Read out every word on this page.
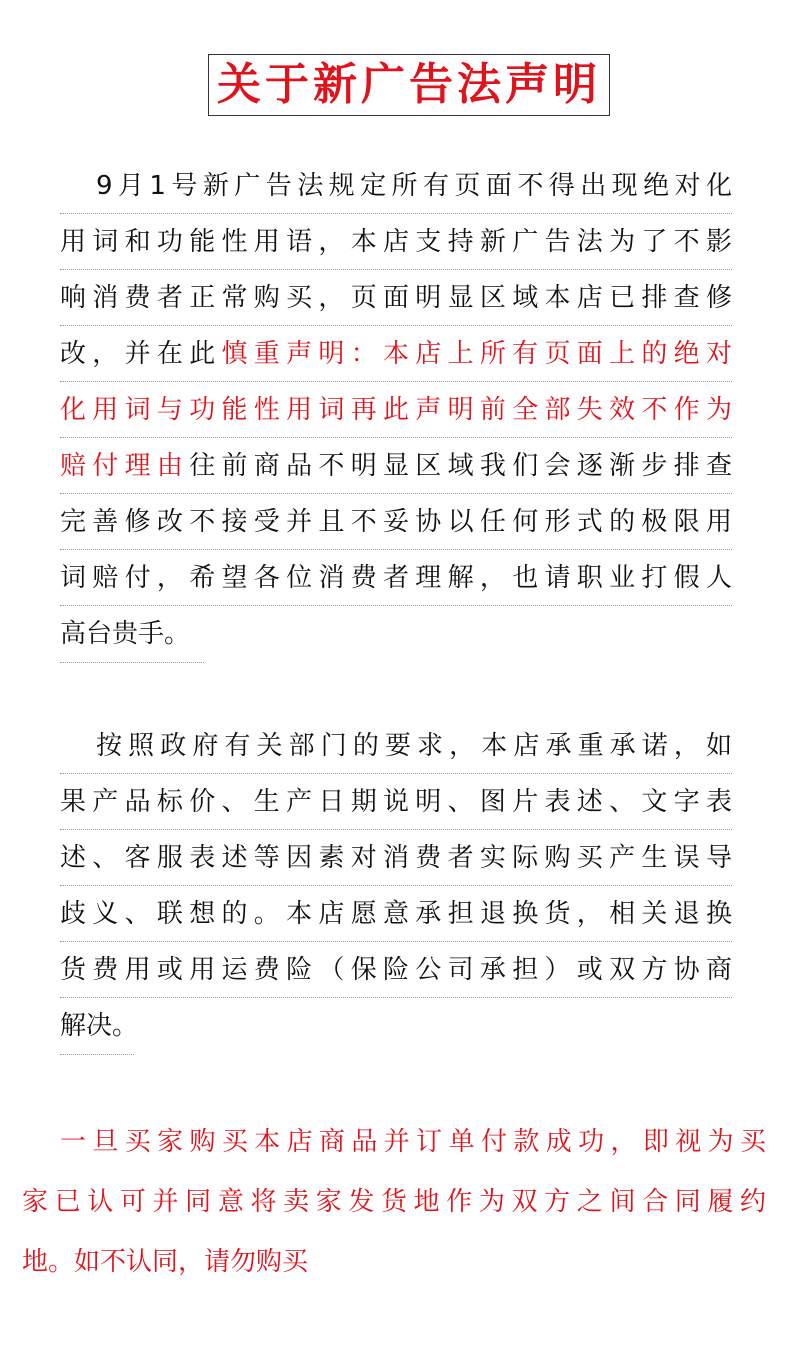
关于新广告法声明
9月1号新广告法规定所有页面不得出现绝对化
用词和功能性用语，本店支持新广告法为了不影
响消费者正常购买，页面明显区域本店已排查修
改，并在此慎重声明：本店上所有页面上的绝对
化用词与功能性用词再此声明前全部失效不作为
赔付理由往前商品不明显区域我们会逐渐步排查
完善修改不接受并且不妥协以任何形式的极限用
词赔付，希望各位消费者理解，也请职业打假人
高台贵手。
按照政府有关部门的要求，本店承重承诺，如
果产品标价、生产日期说明、图片表述、文字表
述、客服表述等因素对消费者实际购买产生误导
歧义、联想的。本店愿意承担退换货，相关退换
货费用或用运费险（保险公司承担）或双方协商
解决。
一旦买家购买本店商品并订单付款成功，即视为买
家已认可并同意将卖家发货地作为双方之间合同履约
地。如不认同，请勿购买
